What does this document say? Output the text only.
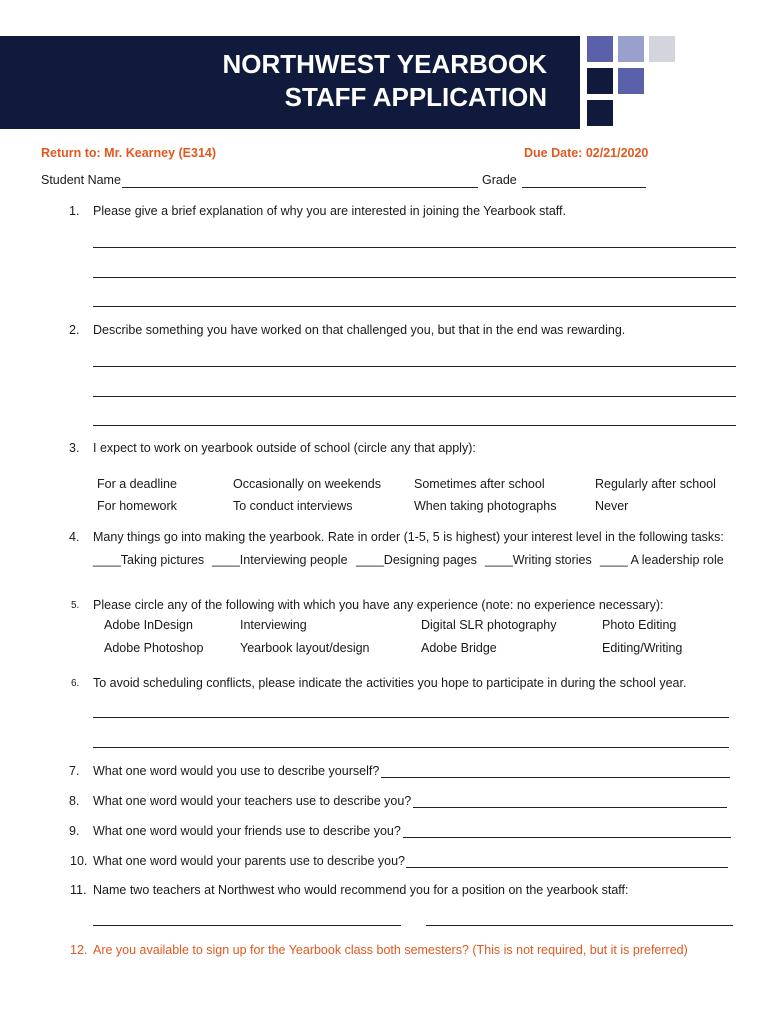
NORTHWEST YEARBOOK
STAFF APPLICATION
Return to: Mr. Kearney (E314)	Due Date: 02/21/2020
Student Name	Grade
1. Please give a brief explanation of why you are interested in joining the Yearbook staff.
2. Describe something you have worked on that challenged you, but that in the end was rewarding.
3. I expect to work on yearbook outside of school (circle any that apply):
For a deadline	Occasionally on weekends	Sometimes after school	Regularly after school
For homework	To conduct interviews	When taking photographs	Never
4. Many things go into making the yearbook. Rate in order (1-5, 5 is highest) your interest level in the following tasks:
____Taking pictures ____Interviewing people ____Designing pages ____Writing stories ____ A leadership role
5. Please circle any of the following with which you have any experience (note: no experience necessary):
Adobe InDesign	Interviewing	Digital SLR photography	Photo Editing
Adobe Photoshop	Yearbook layout/design	Adobe Bridge	Editing/Writing
6. To avoid scheduling conflicts, please indicate the activities you hope to participate in during the school year.
7. What one word would you use to describe yourself?
8. What one word would your teachers use to describe you?
9. What one word would your friends use to describe you?
10. What one word would your parents use to describe you?
11. Name two teachers at Northwest who would recommend you for a position on the yearbook staff:
12. Are you available to sign up for the Yearbook class both semesters? (This is not required, but it is preferred)
